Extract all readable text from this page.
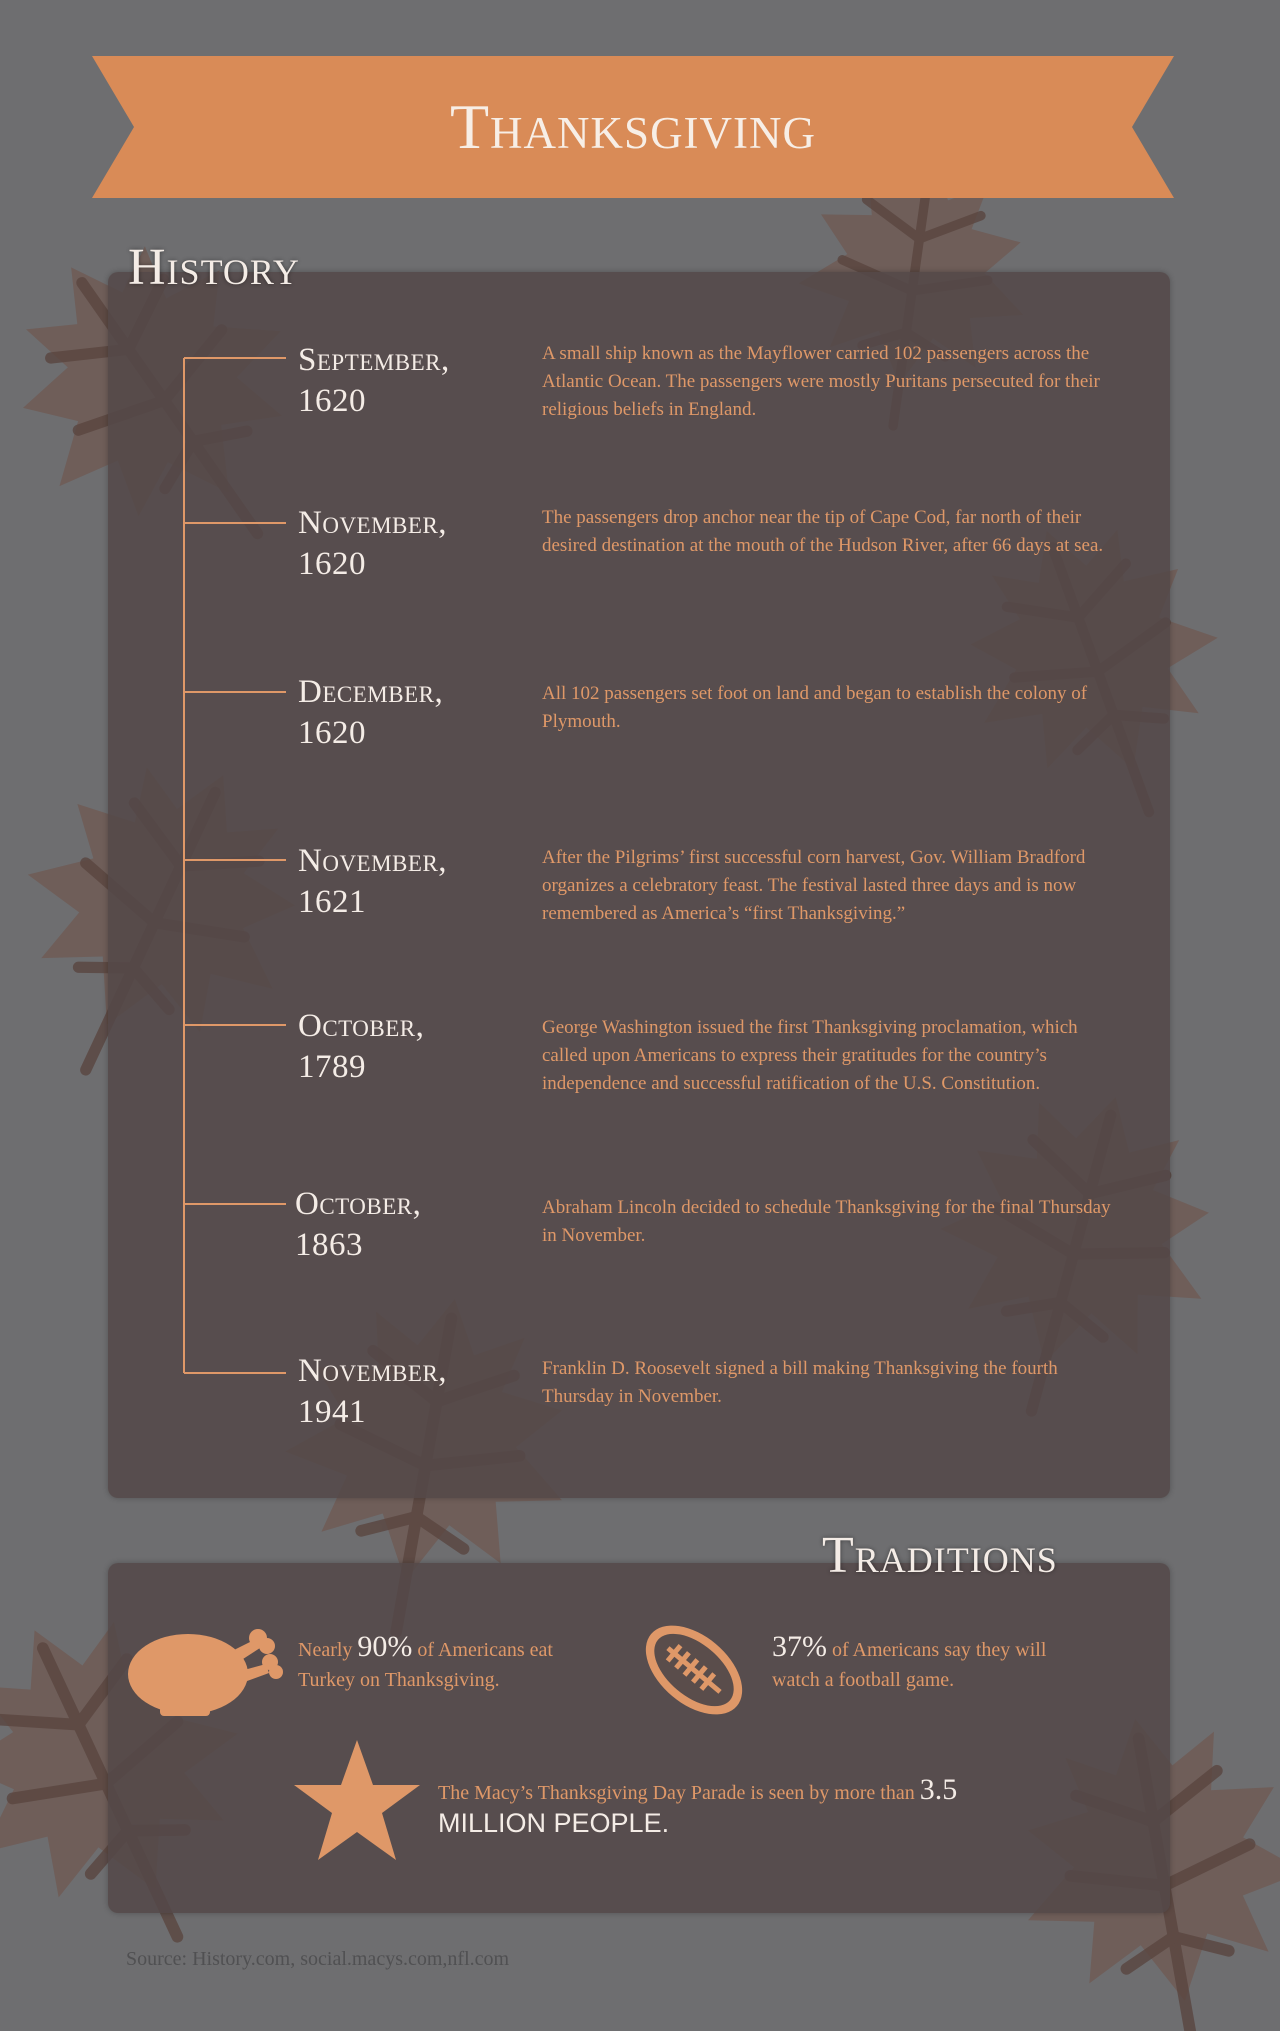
Thanksgiving
History
September,
1620
A small ship known as the Mayflower carried 102 passengers across the Atlantic Ocean. The passengers were mostly Puritans persecuted for their religious beliefs in England.
November,
1620
The passengers drop anchor near the tip of Cape Cod, far north of their desired destination at the mouth of the Hudson River, after 66 days at sea.
December,
1620
All 102 passengers set foot on land and began to establish the colony of Plymouth.
November,
1621
After the Pilgrims’ first successful corn harvest, Gov. William Bradford organizes a celebratory feast. The festival lasted three days and is now remembered as America’s “first Thanksgiving.”
October,
1789
George Washington issued the first Thanksgiving proclamation, which called upon Americans to express their gratitudes for the country’s independence and successful ratification of the U.S. Constitution.
October,
1863
Abraham Lincoln decided to schedule Thanksgiving for the final Thursday in November.
November,
1941
Franklin D. Roosevelt signed a bill making Thanksgiving the fourth Thursday in November.
Traditions
Nearly 90% of Americans eat
Turkey on Thanksgiving.
37% of Americans say they will
watch a football game.
The Macy’s Thanksgiving Day Parade is seen by more than 3.5
MILLION PEOPLE.
Source: History.com, social.macys.com,nfl.com
